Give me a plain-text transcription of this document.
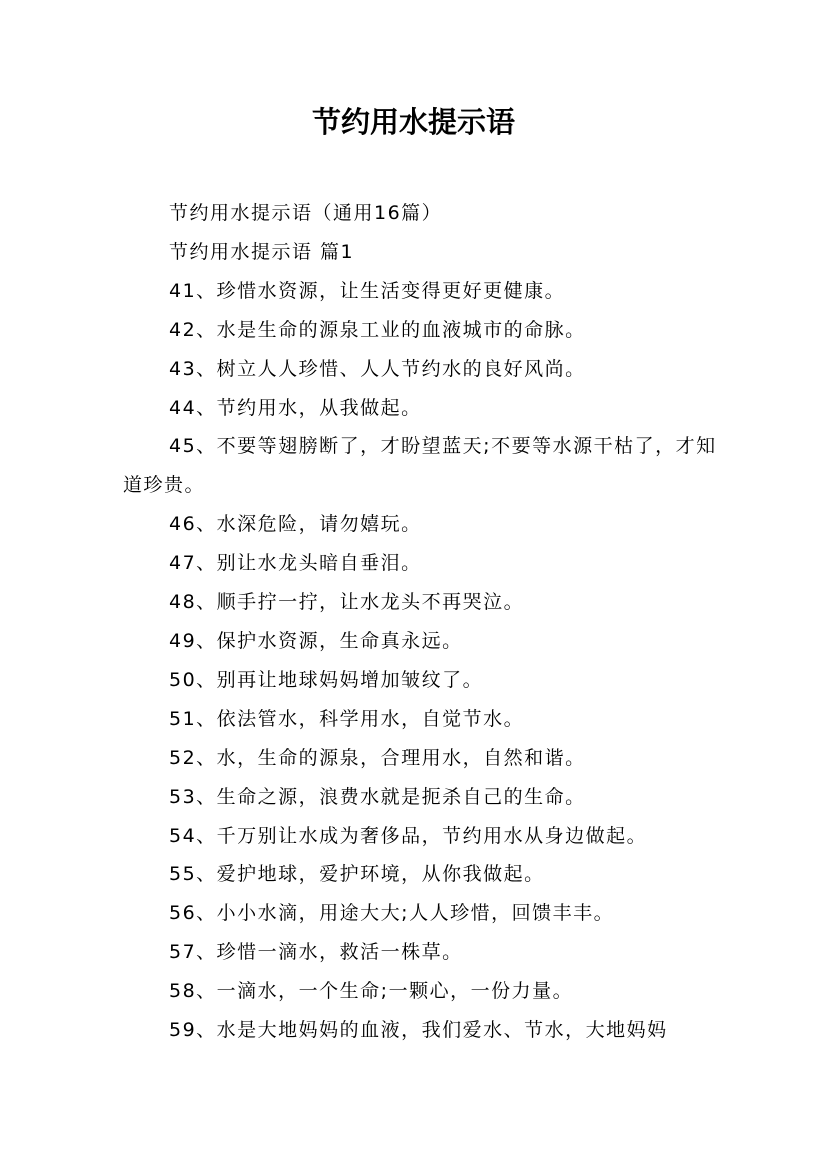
节约用水提示语

节约用水提示语（通用16篇）

节约用水提示语 篇1

41、珍惜水资源，让生活变得更好更健康。

42、水是生命的源泉工业的血液城市的命脉。

43、树立人人珍惜、人人节约水的良好风尚。

44、节约用水，从我做起。

45、不要等翅膀断了，才盼望蓝天;不要等水源干枯了，才知道珍贵。

46、水深危险，请勿嬉玩。

47、别让水龙头暗自垂泪。

48、顺手拧一拧，让水龙头不再哭泣。

49、保护水资源，生命真永远。

50、别再让地球妈妈增加皱纹了。

51、依法管水，科学用水，自觉节水。

52、水，生命的源泉，合理用水，自然和谐。

53、生命之源，浪费水就是扼杀自己的生命。

54、千万别让水成为奢侈品，节约用水从身边做起。

55、爱护地球，爱护环境，从你我做起。

56、小小水滴，用途大大;人人珍惜，回馈丰丰。

57、珍惜一滴水，救活一株草。

58、一滴水，一个生命;一颗心，一份力量。

59、水是大地妈妈的血液，我们爱水、节水，大地妈妈
